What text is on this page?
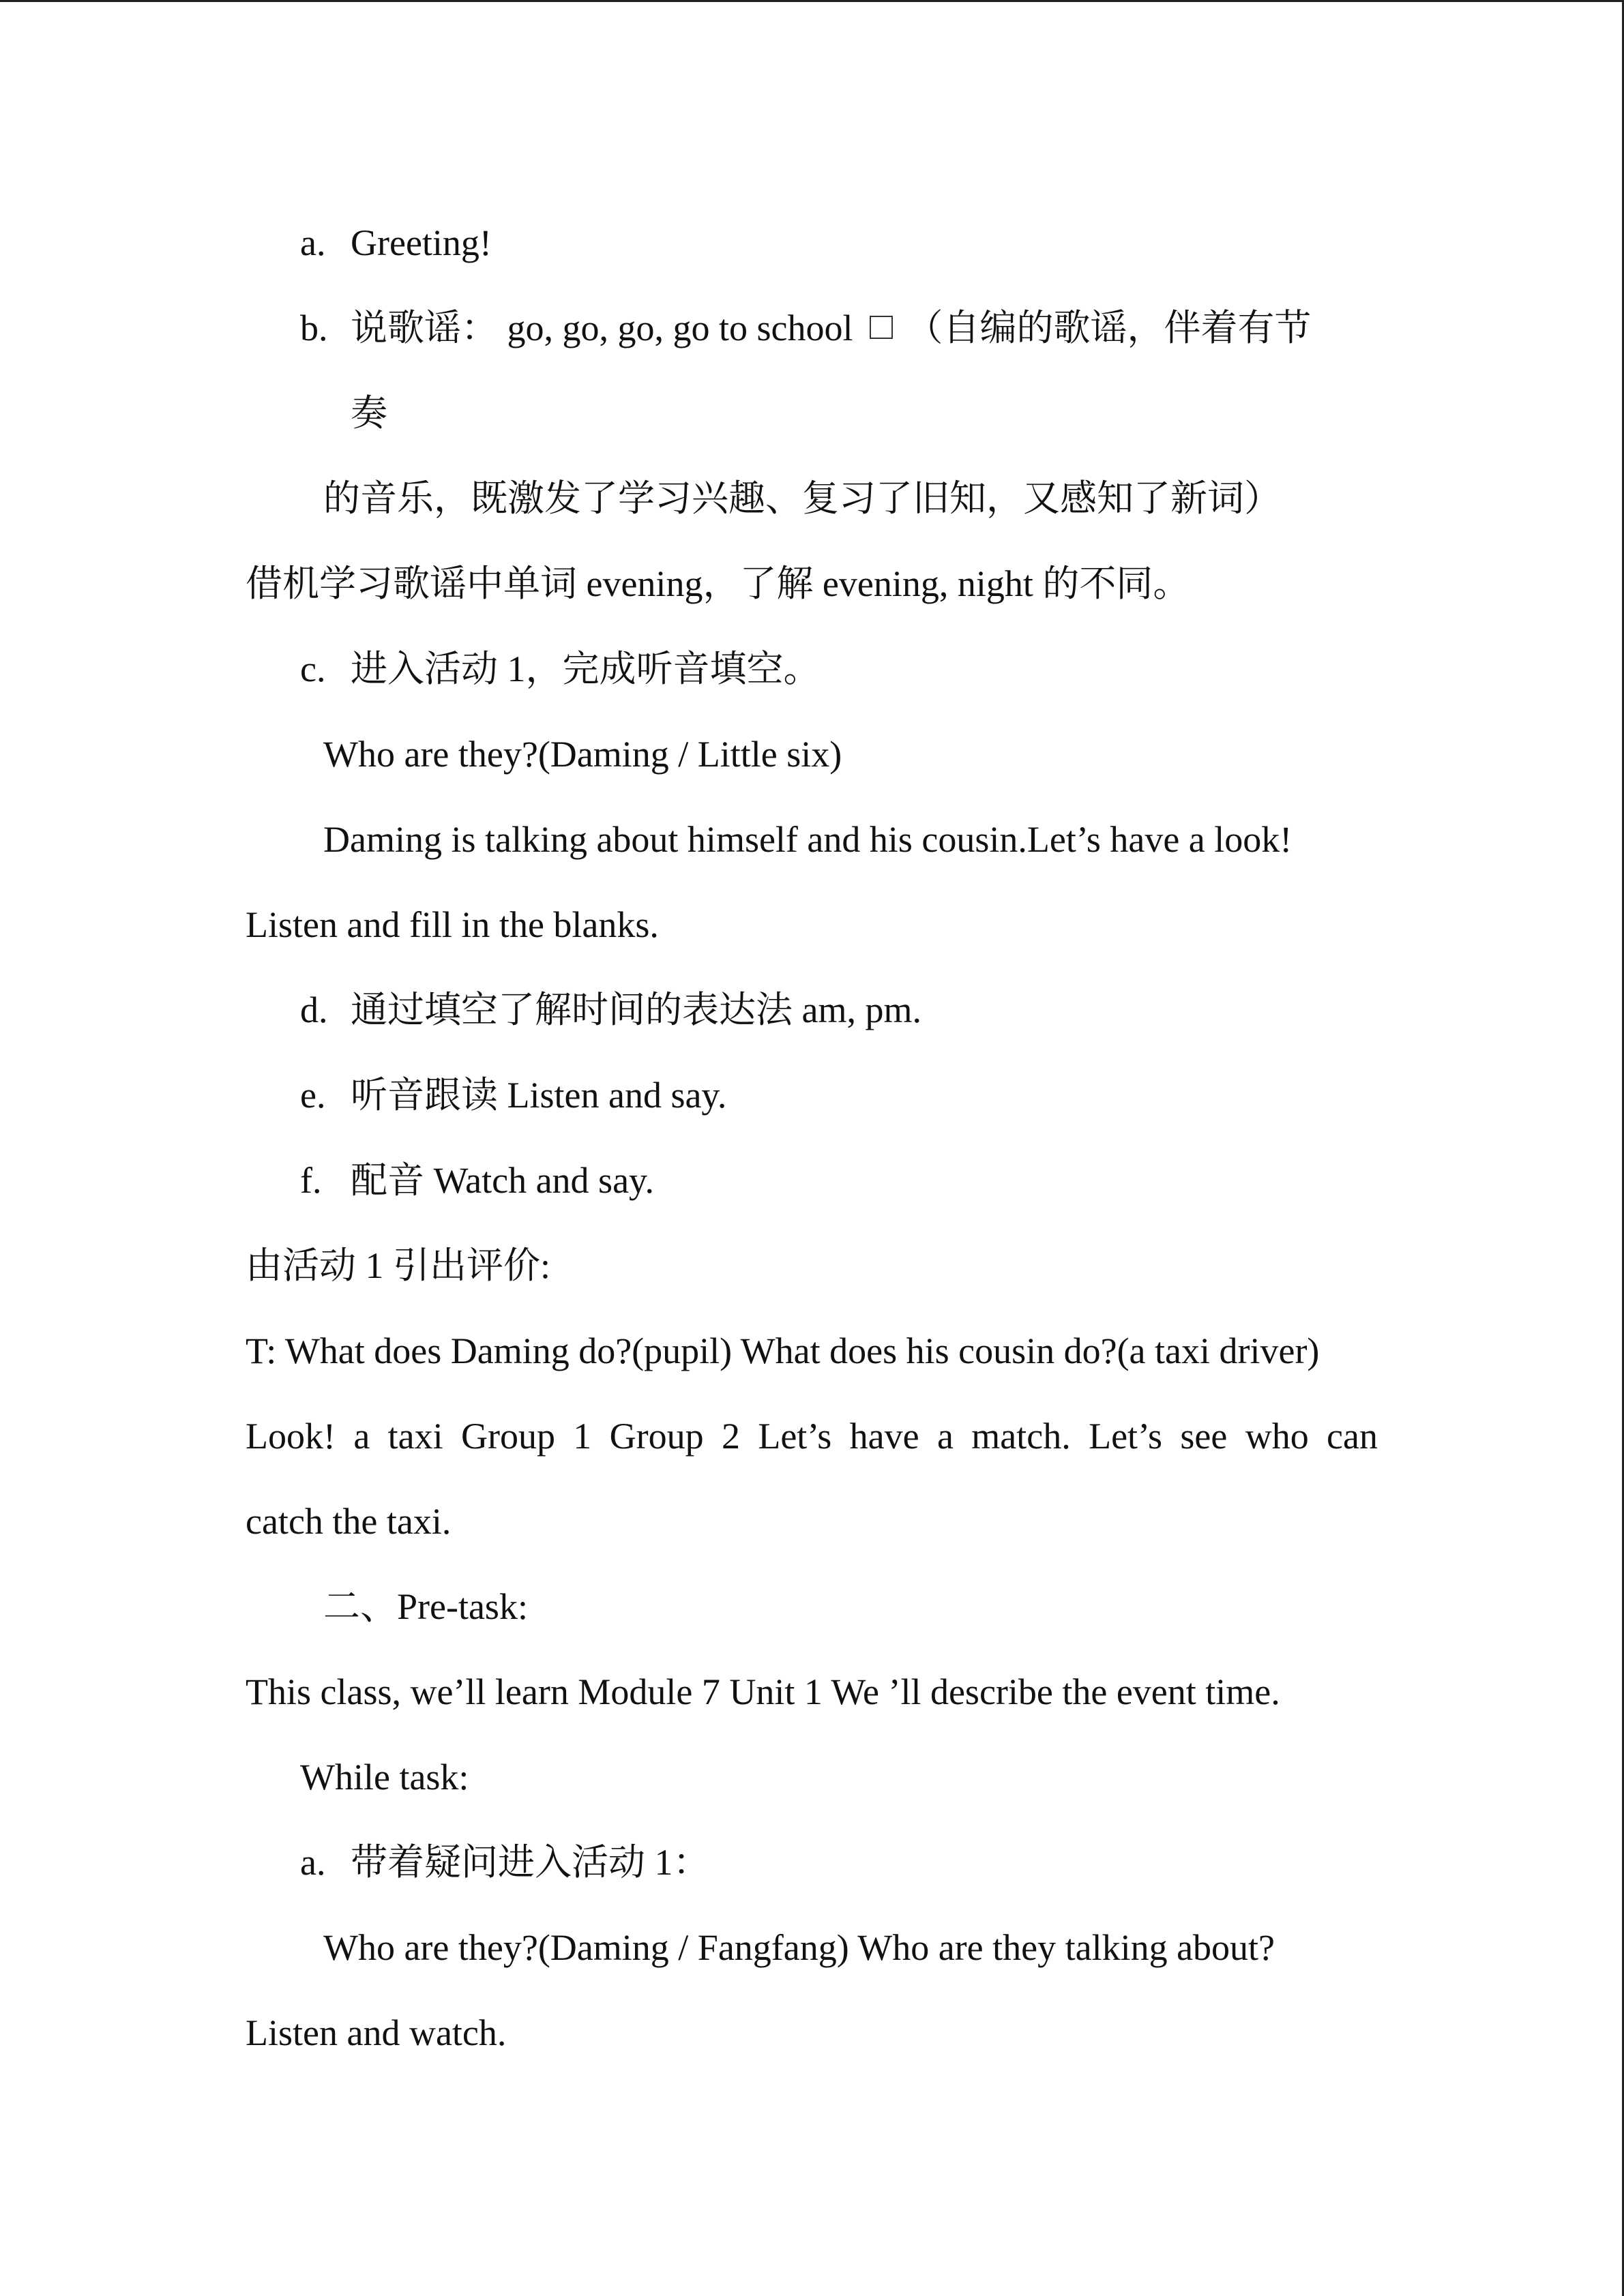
a. Greeting!

b. 说歌谣： go, go, go, go to school （自编的歌谣，伴着有节

奏

的音乐，既激发了学习兴趣、复习了旧知，又感知了新词）

借机学习歌谣中单词 evening，了解 evening, night 的不同。

c. 进入活动 1，完成听音填空。

Who are they?(Daming / Little six)

Daming is talking about himself and his cousin.Let’s have a look!

Listen and fill in the blanks.

d. 通过填空了解时间的表达法 am, pm.

e. 听音跟读 Listen and say.

f. 配音 Watch and say.

由活动 1 引出评价:

T: What does Daming do?(pupil) What does his cousin do?(a taxi driver)

Look! a taxi Group 1 Group 2 Let’s have a match. Let’s see who can

catch the taxi.

二、Pre-task:

This class, we’ll learn Module 7 Unit 1 We ’ll describe the event time.

While task:

a. 带着疑问进入活动 1：

Who are they?(Daming / Fangfang) Who are they talking about?

Listen and watch.
